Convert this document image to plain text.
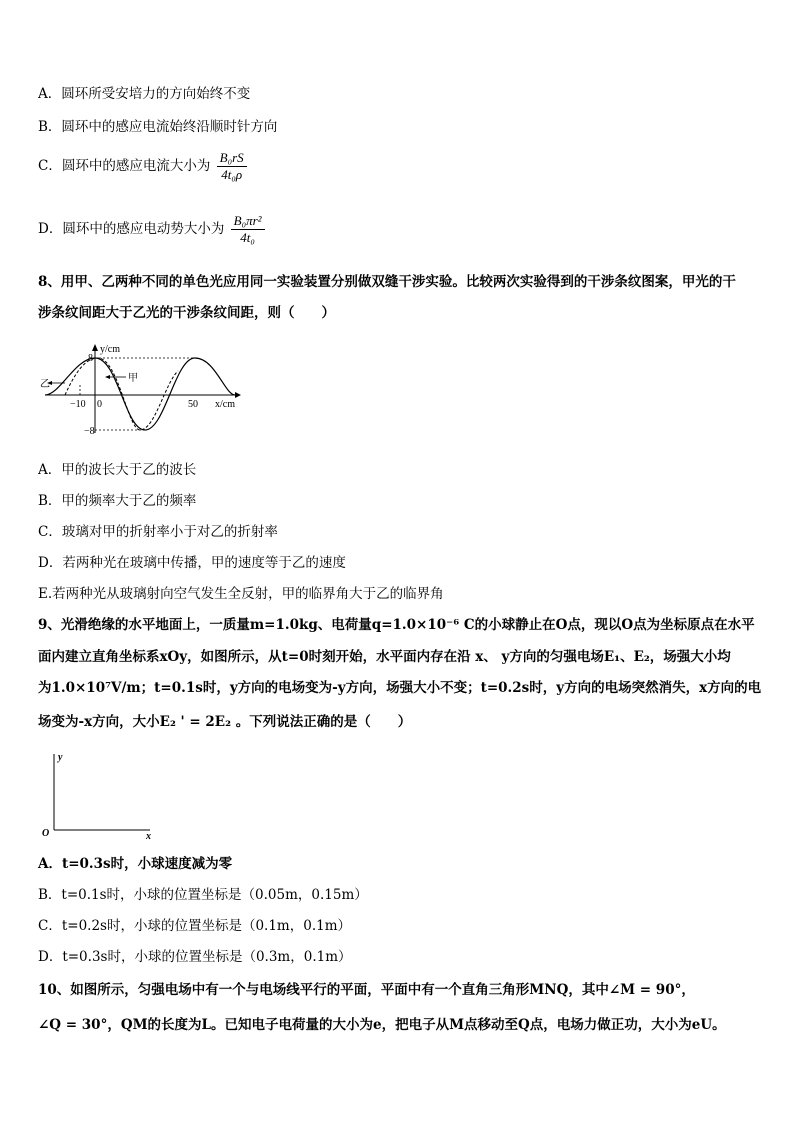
A．圆环所受安培力的方向始终不变
B．圆环中的感应电流始终沿顺时针方向
C．圆环中的感应电流大小为 $\frac{\text{B₀rS}}{\text{4t₀ρ}}$
D．圆环中的感应电动势大小为 $\frac{\text{B₀πr²}}{\text{4t₀}}$
8、用甲、乙两种不同的单色光应用同一实验装置分别做双缝干涉实验。比较两次实验得到的干涉条纹图案，甲光的干
涉条纹间距大于乙光的干涉条纹间距，则（　　）
y/cm
x/cm
8
−8
−10 0	50
乙
甲
A．甲的波长大于乙的波长
B．甲的频率大于乙的频率
C．玻璃对甲的折射率小于对乙的折射率
D．若两种光在玻璃中传播，甲的速度等于乙的速度
E.若两种光从玻璃射向空气发生全反射，甲的临界角大于乙的临界角
9、光滑绝缘的水平地面上，一质量m=1.0kg、电荷量q=1.0×10⁻⁶ C的小球静止在O点，现以O点为坐标原点在水平
面内建立直角坐标系xOy，如图所示，从t=0时刻开始，水平面内存在沿 x、 y方向的匀强电场E₁、E₂，场强大小均
为1.0×10⁷V/m；t=0.1s时，y方向的电场变为-y方向，场强大小不变；t=0.2s时，y方向的电场突然消失，x方向的电
场变为-x方向，大小E₂ ' = 2E₂ 。下列说法正确的是（　　）
y
x
O
A．t=0.3s时，小球速度减为零
B．t=0.1s时，小球的位置坐标是（0.05m，0.15m）
C．t=0.2s时，小球的位置坐标是（0.1m，0.1m）
D．t=0.3s时，小球的位置坐标是（0.3m，0.1m）
10、如图所示，匀强电场中有一个与电场线平行的平面，平面中有一个直角三角形MNQ，其中∠M = 90°，
∠Q = 30°，QM的长度为L。已知电子电荷量的大小为e，把电子从M点移动至Q点，电场力做正功，大小为eU。
